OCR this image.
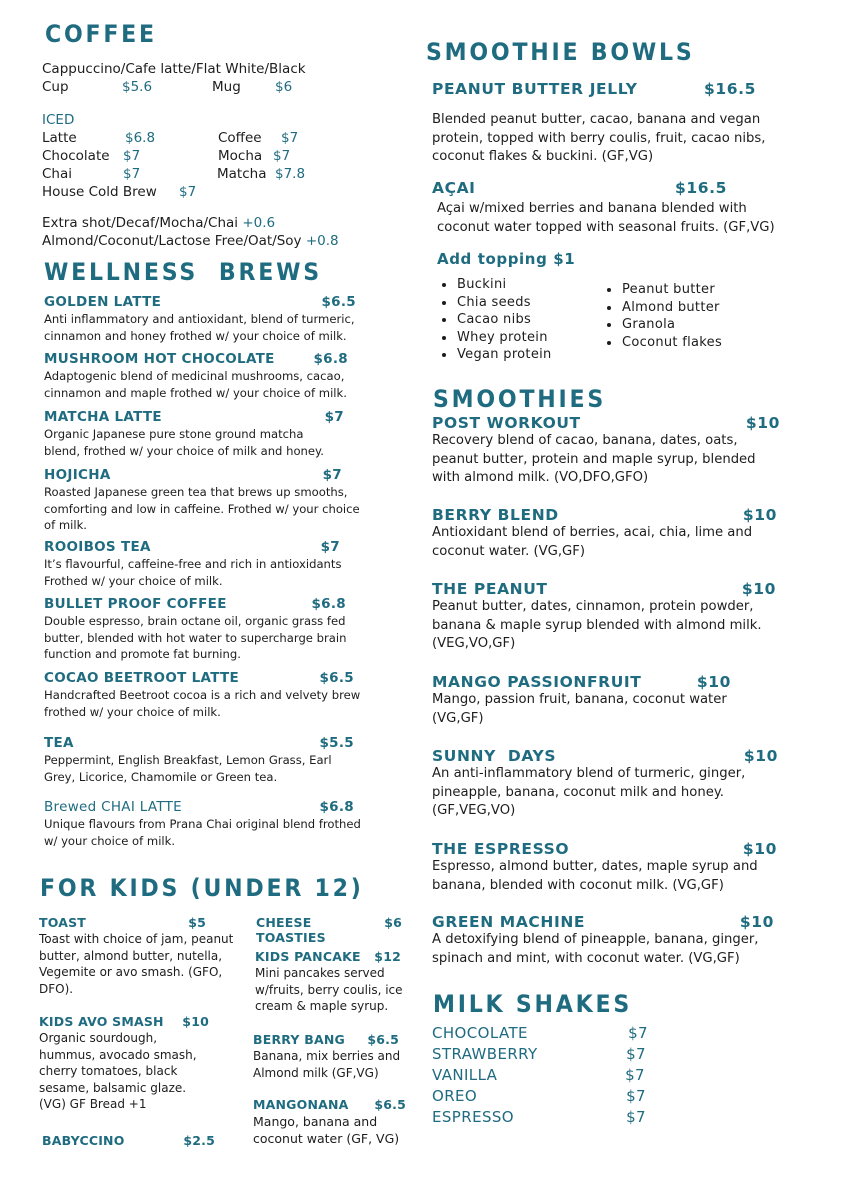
COFFEE
Cappuccino/Cafe latte/Flat White/Black
Cup	$5.6	Mug	$6
ICED
Latte	$6.8	Coffee $7
Chocolate $7	Mocha $7
Chai	$7	Matcha $7.8
House Cold Brew $7
Extra shot/Decaf/Mocha/Chai +0.6
Almond/Coconut/Lactose Free/Oat/Soy +0.8
WELLNESS  BREWS
GOLDEN LATTE	$6.5
Anti inflammatory and antioxidant, blend of turmeric, cinnamon and honey frothed w/ your choice of milk.
MUSHROOM HOT CHOCOLATE	$6.8
Adaptogenic blend of medicinal mushrooms, cacao, cinnamon and maple frothed w/ your choice of milk.
MATCHA LATTE	$7
Organic Japanese pure stone ground matcha blend, frothed w/ your choice of milk and honey.
HOJICHA	$7
Roasted Japanese green tea that brews up smooths, comforting and low in caffeine. Frothed w/ your choice of milk.
ROOIBOS TEA	$7
It’s flavourful, caffeine-free and rich in antioxidants Frothed w/ your choice of milk.
BULLET PROOF COFFEE	$6.8
Double espresso, brain octane oil, organic grass fed butter, blended with hot water to supercharge brain function and promote fat burning.
COCAO BEETROOT LATTE	$6.5
Handcrafted Beetroot cocoa is a rich and velvety brew frothed w/ your choice of milk.
TEA	$5.5
Peppermint, English Breakfast, Lemon Grass, Earl Grey, Licorice, Chamomile or Green tea.
Brewed CHAI LATTE	$6.8
Unique flavours from Prana Chai original blend frothed w/ your choice of milk.
FOR KIDS (UNDER 12)
TOAST	$5
Toast with choice of jam, peanut butter, almond butter, nutella, Vegemite or avo smash. (GFO, DFO).
KIDS AVO SMASH $10
Organic sourdough, hummus, avocado smash, cherry tomatoes, black sesame, balsamic glaze. (VG) GF Bread +1
BABYCCINO	$2.5
CHEESE TOASTIES
$6
KIDS PANCAKE $12
Mini pancakes served w/fruits, berry coulis, ice cream & maple syrup.
BERRY BANG $6.5
Banana, mix berries and Almond milk (GF,VG)
MANGONANA $6.5
Mango, banana and coconut water (GF, VG)
SMOOTHIE BOWLS
PEANUT BUTTER JELLY	$16.5
Blended peanut butter, cacao, banana and vegan protein, topped with berry coulis, fruit, cacao nibs, coconut flakes & buckini. (GF,VG)
AÇAI	$16.5
Açai w/mixed berries and banana blended with coconut water topped with seasonal fruits. (GF,VG)
Add topping $1
Buckini
Chia seeds
Cacao nibs
Whey protein
Vegan protein
Peanut butter
Almond butter
Granola
Coconut flakes
SMOOTHIES
POST WORKOUT	$10
Recovery blend of cacao, banana, dates, oats, peanut butter, protein and maple syrup, blended with almond milk. (VO,DFO,GFO)
BERRY BLEND	$10
Antioxidant blend of berries, acai, chia, lime and coconut water. (VG,GF)
THE PEANUT	$10
Peanut butter, dates, cinnamon, protein powder, banana & maple syrup blended with almond milk. (VEG,VO,GF)
MANGO PASSIONFRUIT	$10
Mango, passion fruit, banana, coconut water (VG,GF)
SUNNY  DAYS	$10
An anti-inflammatory blend of turmeric, ginger, pineapple, banana, coconut milk and honey. (GF,VEG,VO)
THE ESPRESSO	$10
Espresso, almond butter, dates, maple syrup and banana, blended with coconut milk. (VG,GF)
GREEN MACHINE	$10
A detoxifying blend of pineapple, banana, ginger, spinach and mint, with coconut water. (VG,GF)
MILK SHAKES
CHOCOLATE	$7
STRAWBERRY	$7
VANILLA	$7
OREO	$7
ESPRESSO	$7
